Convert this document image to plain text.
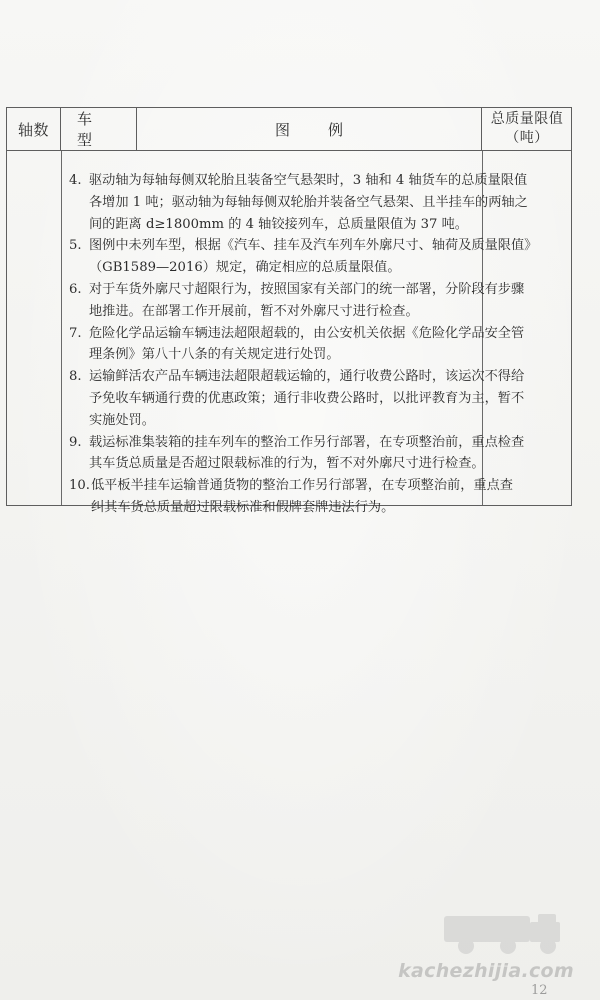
轴数
车型
图例
总质量限值
（吨）
4. 驱动轴为每轴每侧双轮胎且装备空气悬架时，3 轴和 4 轴货车的总质量限值
各增加 1 吨；驱动轴为每轴每侧双轮胎并装备空气悬架、且半挂车的两轴之
间的距离 d≥1800mm 的 4 轴铰接列车，总质量限值为 37 吨。
5. 图例中未列车型，根据《汽车、挂车及汽车列车外廓尺寸、轴荷及质量限值》
（GB1589—2016）规定，确定相应的总质量限值。
6. 对于车货外廓尺寸超限行为，按照国家有关部门的统一部署，分阶段有步骤
地推进。在部署工作开展前，暂不对外廓尺寸进行检查。
7. 危险化学品运输车辆违法超限超载的，由公安机关依据《危险化学品安全管
理条例》第八十八条的有关规定进行处罚。
8. 运输鲜活农产品车辆违法超限超载运输的，通行收费公路时，该运次不得给
予免收车辆通行费的优惠政策；通行非收费公路时，以批评教育为主，暂不
实施处罚。
9. 载运标准集装箱的挂车列车的整治工作另行部署，在专项整治前，重点检查
其车货总质量是否超过限载标准的行为，暂不对外廓尺寸进行检查。
10. 低平板半挂车运输普通货物的整治工作另行部署，在专项整治前，重点查
纠其车货总质量超过限载标准和假牌套牌违法行为。
kachezhijia.com
12
